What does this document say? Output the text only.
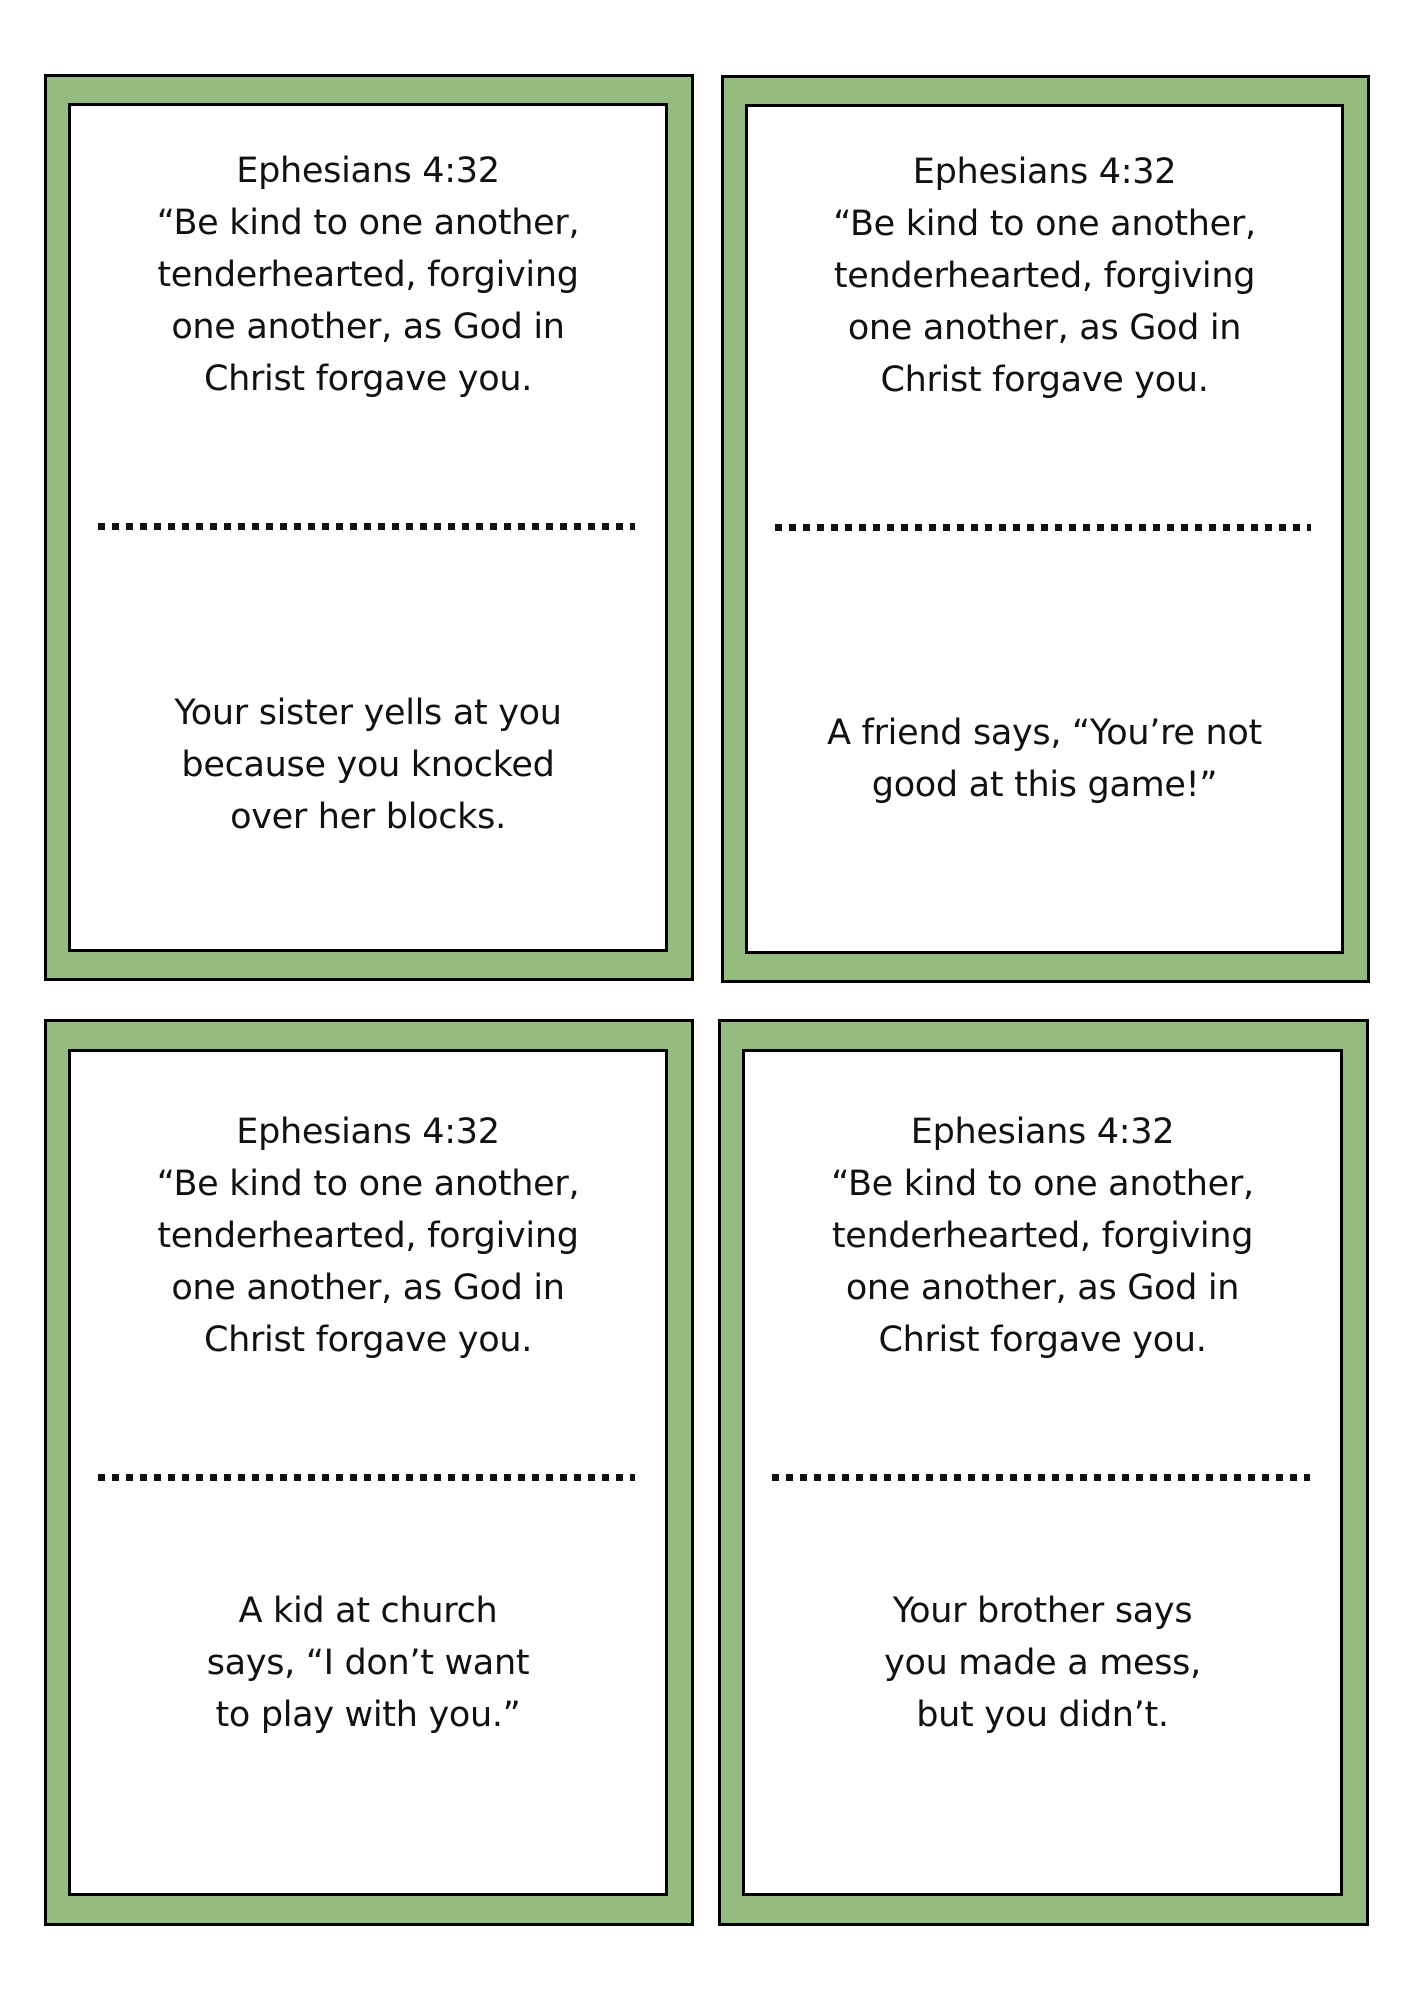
Ephesians 4:32
“Be kind to one another,
tenderhearted, forgiving
one another, as God in
Christ forgave you.
Your sister yells at you
because you knocked
over her blocks.
Ephesians 4:32
“Be kind to one another,
tenderhearted, forgiving
one another, as God in
Christ forgave you.
A friend says, “You’re not
good at this game!”
Ephesians 4:32
“Be kind to one another,
tenderhearted, forgiving
one another, as God in
Christ forgave you.
A kid at church
says, “I don’t want
to play with you.”
Ephesians 4:32
“Be kind to one another,
tenderhearted, forgiving
one another, as God in
Christ forgave you.
Your brother says
you made a mess,
but you didn’t.
